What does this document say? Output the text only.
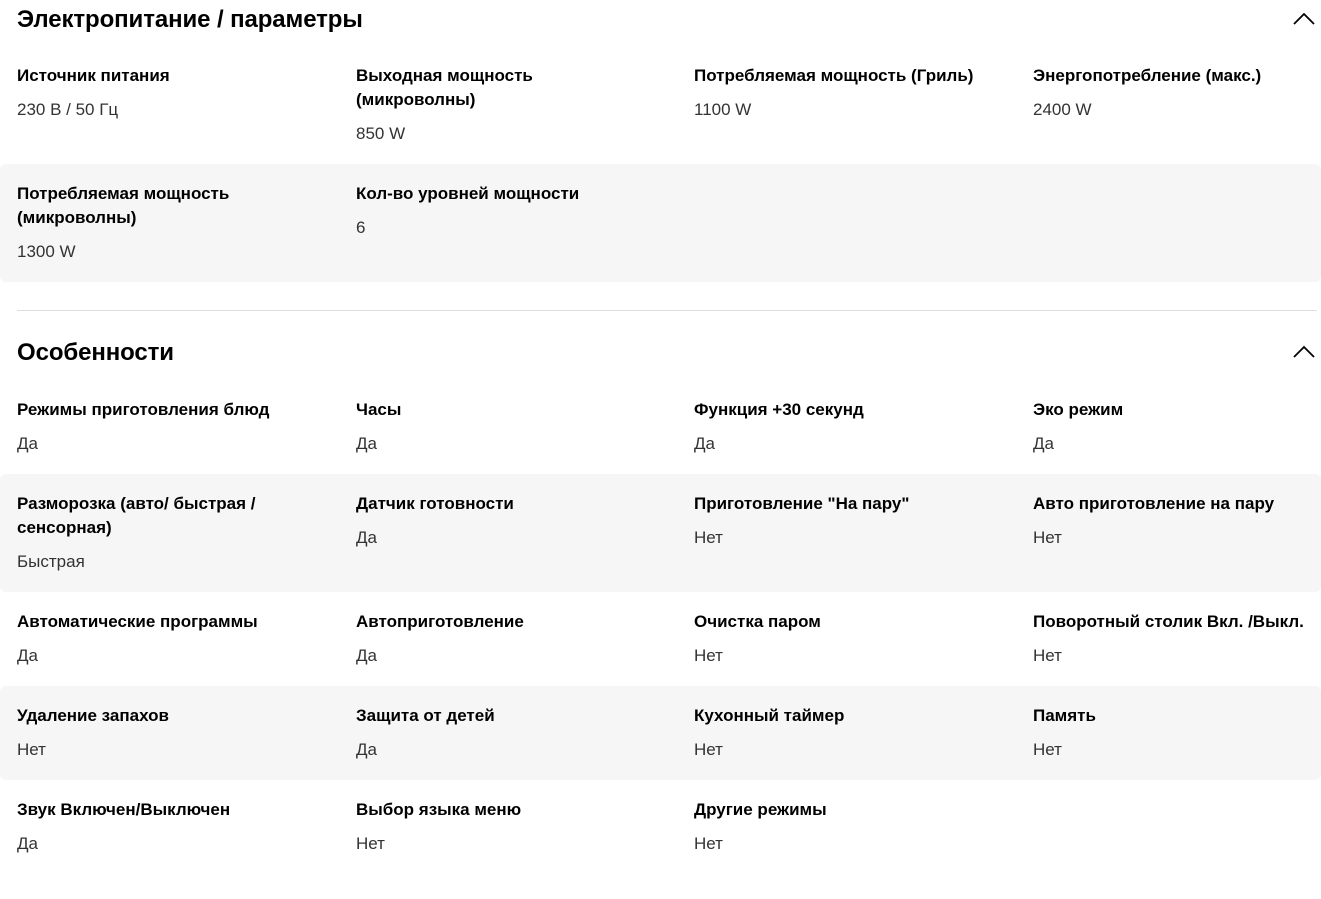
Электропитание / параметры
Источник питания
230 В / 50 Гц
Выходная мощность (микроволны)
850 W
Потребляемая мощность (Гриль)
1100 W
Энергопотребление (макс.)
2400 W
Потребляемая мощность (микроволны)
1300 W
Кол-во уровней мощности
6
Особенности
Режимы приготовления блюд
Да
Часы
Да
Функция +30 секунд
Да
Эко режим
Да
Разморозка (авто/ быстрая / сенсорная)
Быстрая
Датчик готовности
Да
Приготовление "На пару"
Нет
Авто приготовление на пару
Нет
Автоматические программы
Да
Автоприготовление
Да
Очистка паром
Нет
Поворотный столик Вкл. /Выкл.
Нет
Удаление запахов
Нет
Защита от детей
Да
Кухонный таймер
Нет
Память
Нет
Звук Включен/Выключен
Да
Выбор языка меню
Нет
Другие режимы
Нет
